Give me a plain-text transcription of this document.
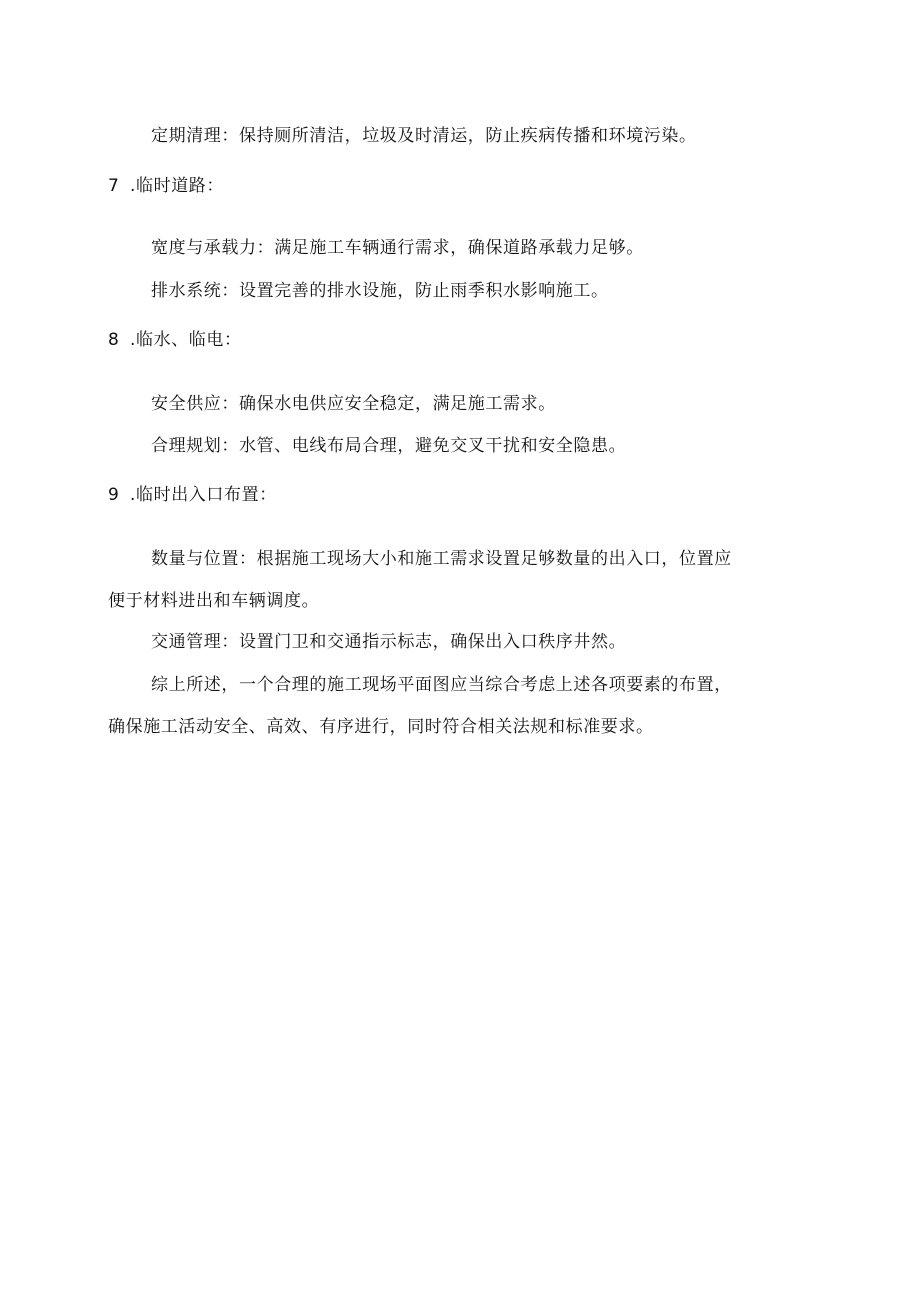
定期清理：保持厕所清洁，垃圾及时清运，防止疾病传播和环境污染。
7 .临时道路：
宽度与承载力：满足施工车辆通行需求，确保道路承载力足够。
排水系统：设置完善的排水设施，防止雨季积水影响施工。
8 .临水、临电：
安全供应：确保水电供应安全稳定，满足施工需求。
合理规划：水管、电线布局合理，避免交叉干扰和安全隐患。
9 .临时出入口布置：
数量与位置：根据施工现场大小和施工需求设置足够数量的出入口，位置应
便于材料进出和车辆调度。
交通管理：设置门卫和交通指示标志，确保出入口秩序井然。
综上所述，一个合理的施工现场平面图应当综合考虑上述各项要素的布置，
确保施工活动安全、高效、有序进行，同时符合相关法规和标准要求。
